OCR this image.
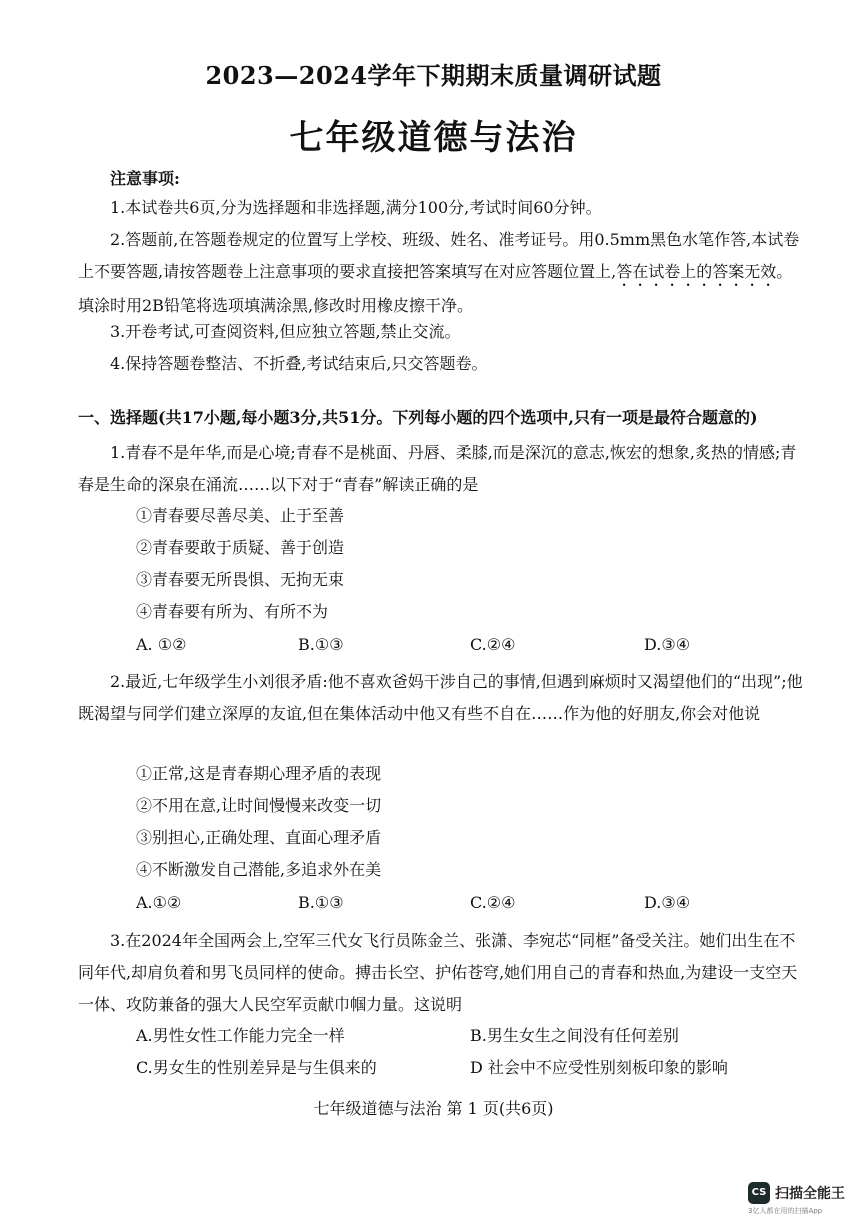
2023—2024学年下期期末质量调研试题
七年级道德与法治
注意事项:

1.本试卷共6页,分为选择题和非选择题,满分100分,考试时间60分钟。

2.答题前,在答题卷规定的位置写上学校、班级、姓名、准考证号。用0.5mm黑色水笔作答,本试卷上不要答题,请按答题卷上注意事项的要求直接把答案填写在对应答题位置上,答在试卷上的答案无效。填涂时用2B铅笔将选项填满涂黑,修改时用橡皮擦干净。

3.开卷考试,可查阅资料,但应独立答题,禁止交流。

4.保持答题卷整洁、不折叠,考试结束后,只交答题卷。

一、选择题(共17小题,每小题3分,共51分。下列每小题的四个选项中,只有一项是最符合题意的)

1.青春不是年华,而是心境;青春不是桃面、丹唇、柔膝,而是深沉的意志,恢宏的想象,炙热的情感;青春是生命的深泉在涌流……以下对于“青春”解读正确的是

①青春要尽善尽美、止于至善
②青春要敢于质疑、善于创造
③青春要无所畏惧、无拘无束
④青春要有所为、有所不为
A. ①②	B.①③	C.②④	D.③④

2.最近,七年级学生小刘很矛盾:他不喜欢爸妈干涉自己的事情,但遇到麻烦时又渴望他们的“出现”;他既渴望与同学们建立深厚的友谊,但在集体活动中他又有些不自在……作为他的好朋友,你会对他说

①正常,这是青春期心理矛盾的表现
②不用在意,让时间慢慢来改变一切
③别担心,正确处理、直面心理矛盾
④不断激发自己潜能,多追求外在美
A.①②	B.①③	C.②④	D.③④

3.在2024年全国两会上,空军三代女飞行员陈金兰、张潇、李宛芯“同框”备受关注。她们出生在不同年代,却肩负着和男飞员同样的使命。搏击长空、护佑苍穹,她们用自己的青春和热血,为建设一支空天一体、攻防兼备的强大人民空军贡献巾帼力量。这说明

A.男性女性工作能力完全一样	B.男生女生之间没有任何差别
C.男女生的性别差异是与生俱来的	D 社会中不应受性别刻板印象的影响
七年级道德与法治 第 1 页(共6页)
CS 扫描全能王
3亿人都在用的扫描App
